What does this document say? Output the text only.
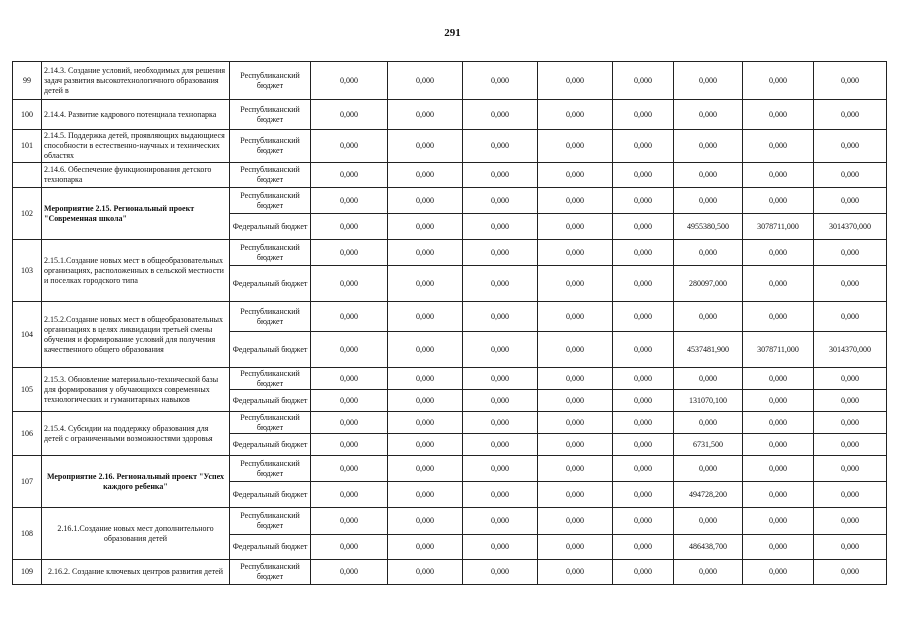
291
99	2.14.3. Создание условий, необходимых для решения задач развития высокотехнологичного образования детей в	Республиканский бюджет	0,000	0,000	0,000	0,000	0,000	0,000	0,000	0,000
100	2.14.4. Развитие кадрового потенциала технопарка	Республиканский бюджет	0,000	0,000	0,000	0,000	0,000	0,000	0,000	0,000
101	2.14.5. Поддержка детей, проявляющих выдающиеся способности в естественно-научных и технических областях	Республиканский бюджет	0,000	0,000	0,000	0,000	0,000	0,000	0,000	0,000
	2.14.6. Обеспечение функционирования детского технопарка	Республиканский бюджет	0,000	0,000	0,000	0,000	0,000	0,000	0,000	0,000
102	Мероприятие 2.15. Региональный проект "Современная школа"	Республиканский бюджет	0,000	0,000	0,000	0,000	0,000	0,000	0,000	0,000
		Федеральный бюджет	0,000	0,000	0,000	0,000	0,000	4955380,500	3078711,000	3014370,000
103	2.15.1.Создание новых мест в общеобразовательных организациях, расположенных в сельской местности и поселках городского типа	Республиканский бюджет	0,000	0,000	0,000	0,000	0,000	0,000	0,000	0,000
		Федеральный бюджет	0,000	0,000	0,000	0,000	0,000	280097,000	0,000	0,000
104	2.15.2.Создание новых мест в общеобразовательных организациях в целях ликвидации третьей смены обучения и формирование условий для получения качественного общего образования	Республиканский бюджет	0,000	0,000	0,000	0,000	0,000	0,000	0,000	0,000
		Федеральный бюджет	0,000	0,000	0,000	0,000	0,000	4537481,900	3078711,000	3014370,000
105	2.15.3. Обновление материально-технической базы для формирования у обучающихся современных технологических и гуманитарных навыков	Республиканский бюджет	0,000	0,000	0,000	0,000	0,000	0,000	0,000	0,000
		Федеральный бюджет	0,000	0,000	0,000	0,000	0,000	131070,100	0,000	0,000
106	2.15.4. Субсидии на поддержку образования для детей с ограниченными возможностями здоровья	Республиканский бюджет	0,000	0,000	0,000	0,000	0,000	0,000	0,000	0,000
		Федеральный бюджет	0,000	0,000	0,000	0,000	0,000	6731,500	0,000	0,000
107	Мероприятие 2.16. Региональный проект "Успех каждого ребенка"	Республиканский бюджет	0,000	0,000	0,000	0,000	0,000	0,000	0,000	0,000
		Федеральный бюджет	0,000	0,000	0,000	0,000	0,000	494728,200	0,000	0,000
108	2.16.1.Создание новых мест дополнительного образования детей	Республиканский бюджет	0,000	0,000	0,000	0,000	0,000	0,000	0,000	0,000
		Федеральный бюджет	0,000	0,000	0,000	0,000	0,000	486438,700	0,000	0,000
109	2.16.2. Создание ключевых центров развития детей	Республиканский бюджет	0,000	0,000	0,000	0,000	0,000	0,000	0,000	0,000
